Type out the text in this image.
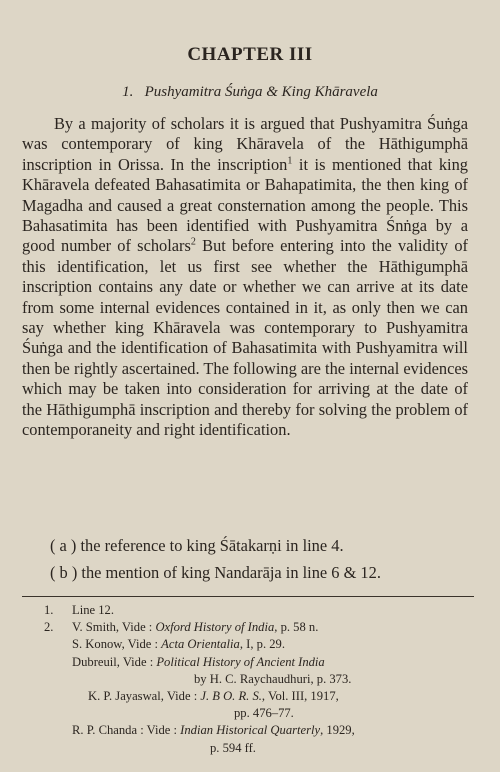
CHAPTER III
1. Pushyamitra Śuṅga & King Khāravela

By a majority of scholars it is argued that Pushyamitra Śuṅga was contemporary of king Khāravela of the Hāthigumphā inscription in Orissa. In the inscription$^1$ it is mentioned that king Khāravela defeated Bahasatimita or Bahapatimita, the then king of Magadha and caused a great consternation among the people. This Bahasatimita has been identified with Pushyamitra Śnṅga by a good number of scholars$^2$ But before entering into the validity of this identification, let us first see whether the Hāthigumphā inscription contains any date or whether we can arrive at its date from some internal evidences contained in it, as only then we can say whether king Khāravela was contemporary to Pushyamitra Śuṅga and the identification of Bahasatimita with Pushyamitra will then be rightly ascertained. The following are the internal evidences which may be taken into consideration for arriving at the date of the Hāthigumphā inscription and thereby for solving the problem of contemporaneity and right identification.

( a ) the reference to king Śātakarṇi in line 4.
( b ) the mention of king Nandarāja in line 6 & 12.
1. Line 12.
2. V. Smith, Vide : Oxford History of India, p. 58 n.
S. Konow, Vide : Acta Orientalia, I, p. 29.
Dubreuil, Vide : Political History of Ancient India
by H. C. Raychaudhuri, p. 373.
K. P. Jayaswal, Vide : J. B O. R. S., Vol. III, 1917,
pp. 476–77.
R. P. Chanda : Vide : Indian Historical Quarterly, 1929,
p. 594 ff.
